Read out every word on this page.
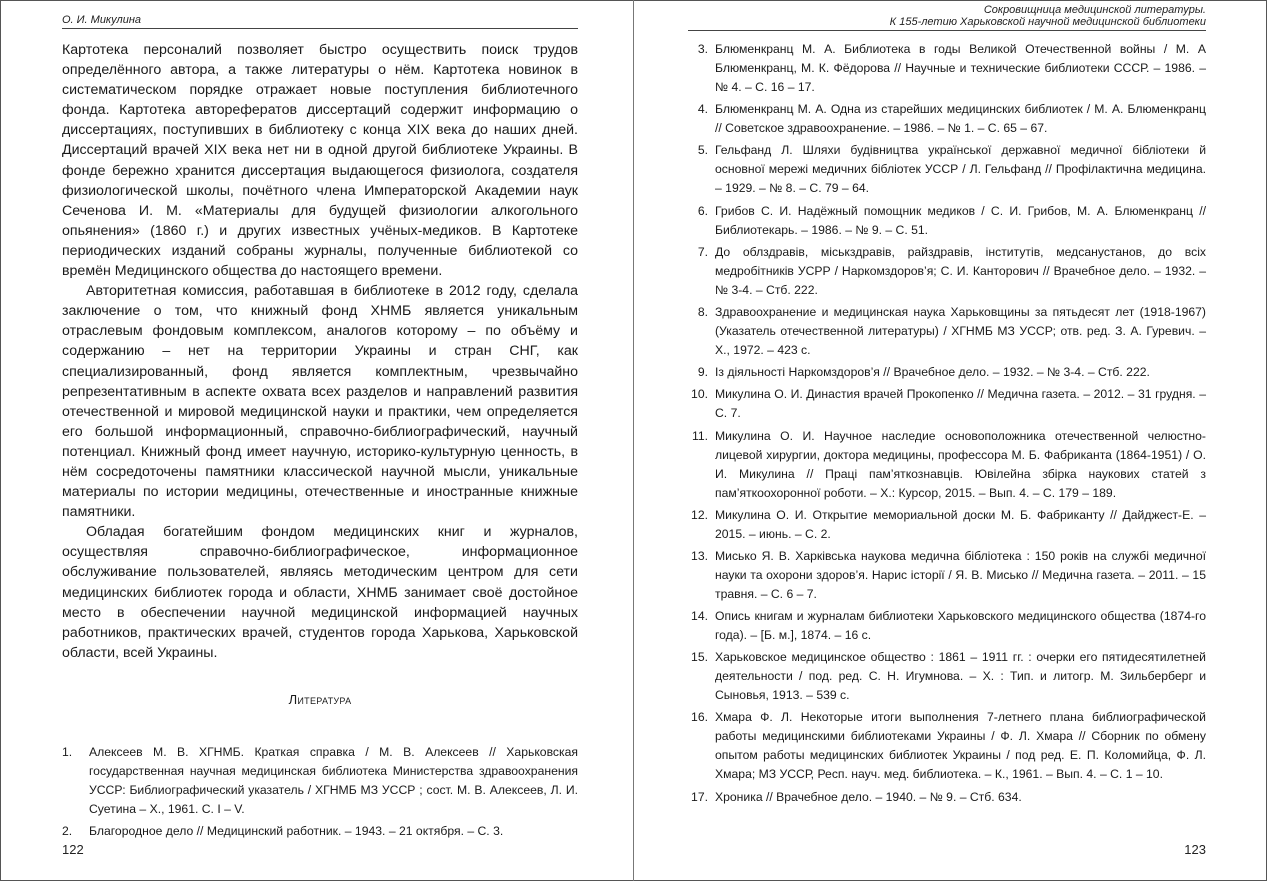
О. И. Микулина

Картотека персоналий позволяет быстро осуществить поиск трудов определённого автора, а также литературы о нём. Картотека новинок в систематическом порядке отражает новые поступления библиотечного фонда. Картотека авторефератов диссертаций содержит информацию о диссертациях, поступивших в библиотеку с конца XIX века до наших дней. Диссертаций врачей XIX века нет ни в одной другой библиотеке Украины. В фонде бережно хранится диссертация выдающегося физиолога, создателя физиологической школы, почётного члена Императорской Академии наук Сеченова И. М. «Материалы для будущей физиологии алкогольного опьянения» (1860 г.) и других известных учёных-медиков. В Картотеке периодических изданий собраны журналы, полученные библиотекой со времён Медицинского общества до настоящего времени.

Авторитетная комиссия, работавшая в библиотеке в 2012 году, сделала заключение о том, что книжный фонд ХНМБ является уникальным отраслевым фондовым комплексом, аналогов которому – по объёму и содержанию – нет на территории Украины и стран СНГ, как специализированный, фонд является комплектным, чрезвычайно репрезентативным в аспекте охвата всех разделов и направлений развития отечественной и мировой медицинской науки и практики, чем определяется его большой информационный, справочно-библиографический, научный потенциал. Книжный фонд имеет научную, историко-культурную ценность, в нём сосредоточены памятники классической научной мысли, уникальные материалы по истории медицины, отечественные и иностранные книжные памятники.

Обладая богатейшим фондом медицинских книг и журналов, осуществляя справочно-библиографическое, информационное обслуживание пользователей, являясь методическим центром для сети медицинских библиотек города и области, ХНМБ занимает своё достойное место в обеспечении научной медицинской информацией научных работников, практических врачей, студентов города Харькова, Харьковской области, всей Украины.

Литература
1.	Алексеев М. В. ХГНМБ. Краткая справка / М. В. Алексеев // Харьковская государственная научная медицинская библиотека Министерства здравоохранения УССР: Библиографический указатель / ХГНМБ МЗ УССР ; сост. М. В. Алексеев, Л. И. Суетина – Х., 1961. С. I – V.
2.	Благородное дело // Медицинский работник. – 1943. – 21 октября. – С. 3.
122
Сокровищница медицинской литературы.
К 155-летию Харьковской научной медицинской библиотеки
3. Блюменкранц М. А. Библиотека в годы Великой Отечественной войны / М. А Блюменкранц, М. К. Фёдорова // Научные и технические библиотеки СССР. – 1986. – № 4. – С. 16 – 17.
4. Блюменкранц М. А. Одна из старейших медицинских библиотек / М. А. Блюменкранц // Советское здравоохранение. – 1986. – № 1. – С. 65 – 67.
5. Гельфанд Л. Шляхи будівництва української державної медичної бібліотеки й основної мережі медичних бібліотек УССР / Л. Гельфанд // Профілактична медицина. – 1929. – № 8. – С. 79 – 64.
6. Грибов С. И. Надёжный помощник медиков / С. И. Грибов, М. А. Блюменкранц // Библиотекарь. – 1986. – № 9. – С. 51.
7. До облздравів, міськздравів, райздравів, інститутів, медсанустанов, до всіх медробітників УСРР / Наркомздоров’я; С. И. Канторович // Врачебное дело. – 1932. – № 3-4. – Стб. 222.
8. Здравоохранение и медицинская наука Харьковщины за пятьдесят лет (1918-1967) (Указатель отечественной литературы) / ХГНМБ МЗ УССР; отв. ред. З. А. Гуревич. – Х., 1972. – 423 с.
9. Із діяльності Наркомздоров’я // Врачебное дело. – 1932. – № 3-4. – Стб. 222.
10. Микулина О. И. Династия врачей Прокопенко // Медична газета. – 2012. – 31 грудня. – С. 7.
11. Микулина О. И. Научное наследие основоположника отечественной челюстно-лицевой хирургии, доктора медицины, профессора М. Б. Фабриканта (1864-1951) / О. И. Микулина // Праці пам’яткознавців. Ювілейна збірка наукових статей з пам’яткоохоронної роботи. – Х.: Курсор, 2015. – Вып. 4. – С. 179 – 189.
12. Микулина О. И. Открытие мемориальной доски М. Б. Фабриканту // Дайджест-Е. – 2015. – июнь. – С. 2.
13. Мисько Я. В. Харківська наукова медична бібліотека : 150 років на службі медичної науки та охорони здоров’я. Нарис історії / Я. В. Мисько // Медична газета. – 2011. – 15 травня. – С. 6 – 7.
14. Опись книгам и журналам библиотеки Харьковского медицинского общества (1874-го года). – [Б. м.], 1874. – 16 с.
15. Харьковское медицинское общество : 1861 – 1911 гг. : очерки его пятидесятилетней деятельности / под. ред. С. Н. Игумнова. – Х. : Тип. и литогр. М. Зильберберг и Сыновья, 1913. – 539 с.
16. Хмара Ф. Л. Некоторые итоги выполнения 7-летнего плана библиографической работы медицинскими библиотеками Украины / Ф. Л. Хмара // Сборник по обмену опытом работы медицинских библиотек Украины / под ред. Е. П. Коломийца, Ф. Л. Хмара; МЗ УССР, Респ. науч. мед. библиотека. – К., 1961. – Вып. 4. – С. 1 – 10.
17. Хроника // Врачебное дело. – 1940. – № 9. – Стб. 634.
123
